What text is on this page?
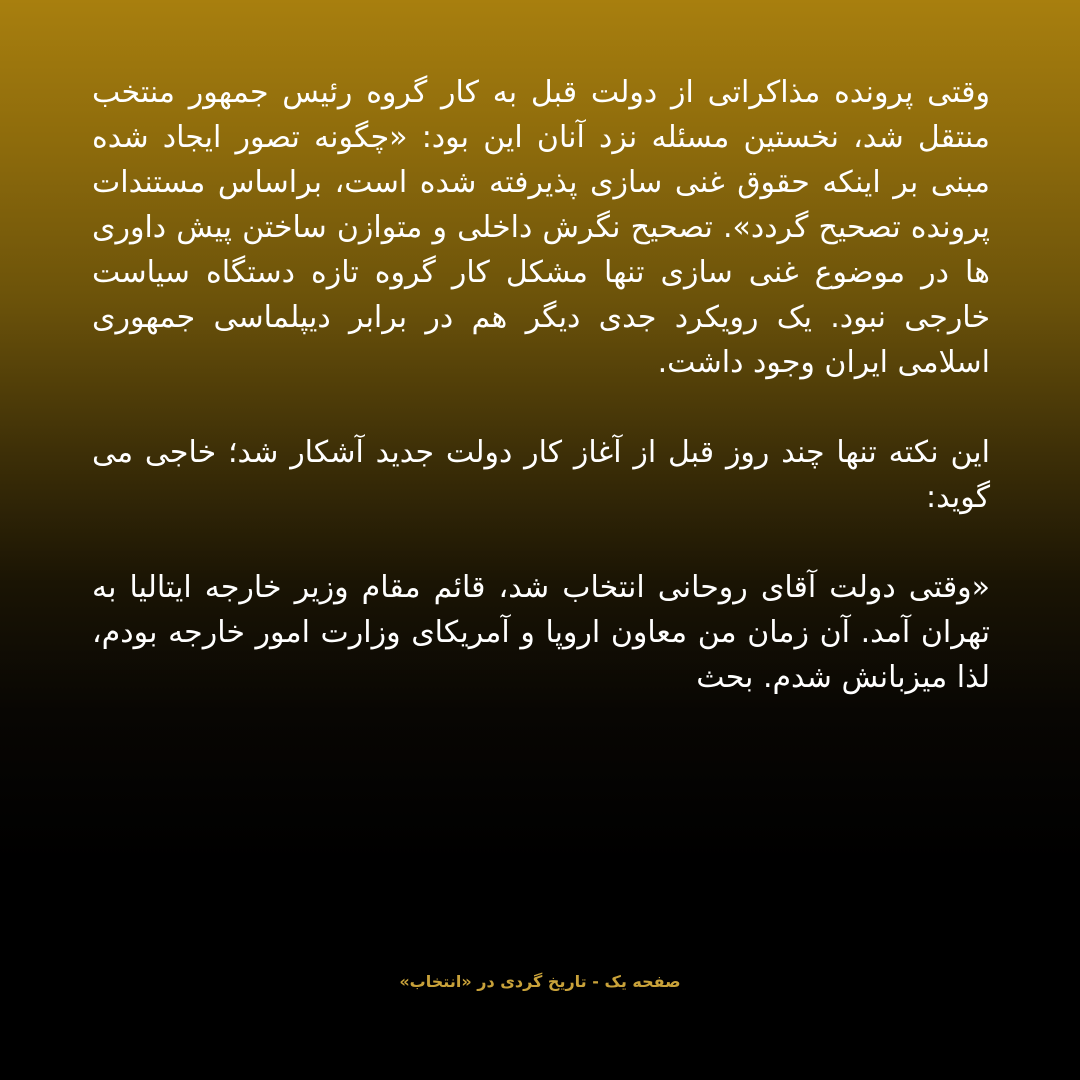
وقتی پرونده مذاکراتی از دولت قبل به کار گروه رئیس جمهور منتخب منتقل شد، نخستین مسئله نزد آنان این بود: «چگونه تصور ایجاد شده مبنی بر اینکه حقوق غنی سازی پذیرفته شده است، براساس مستندات پرونده تصحیح گردد». تصحیح نگرش داخلی و متوازن ساختن پیش داوری ها در موضوع غنی سازی تنها مشکل کار گروه تازه دستگاه سیاست خارجی نبود. یک رویکرد جدی دیگر هم در برابر دیپلماسی جمهوری اسلامی ایران وجود داشت.

این نکته تنها چند روز قبل از آغاز کار دولت جدید آشکار شد؛ خاجی می گوید:

«وقتی دولت آقای روحانی انتخاب شد، قائم مقام وزیر خارجه ایتالیا به تهران آمد. آن زمان من معاون اروپا و آمریکای وزارت امور خارجه بودم، لذا میزبانش شدم. بحث

صفحه یک - تاریخ گردی در «انتخاب»
